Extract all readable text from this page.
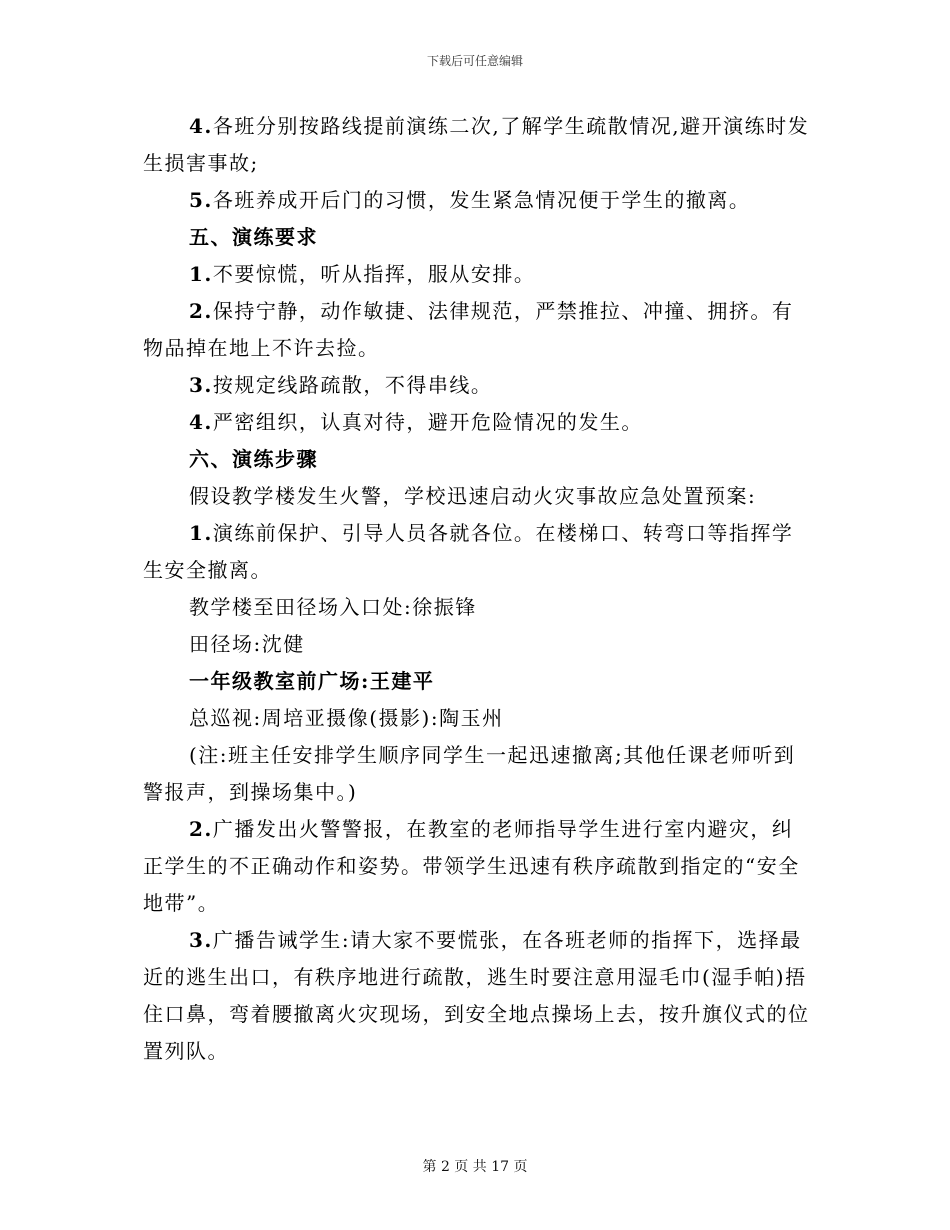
下载后可任意编辑

4.各班分别按路线提前演练二次,了解学生疏散情况,避开演练时发生损害事故;

5.各班养成开后门的习惯，发生紧急情况便于学生的撤离。

五、演练要求

1.不要惊慌，听从指挥，服从安排。

2.保持宁静，动作敏捷、法律规范，严禁推拉、冲撞、拥挤。有物品掉在地上不许去捡。

3.按规定线路疏散，不得串线。

4.严密组织，认真对待，避开危险情况的发生。

六、演练步骤

假设教学楼发生火警，学校迅速启动火灾事故应急处置预案:

1.演练前保护、引导人员各就各位。在楼梯口、转弯口等指挥学生安全撤离。

教学楼至田径场入口处:徐振锋

田径场:沈健

一年级教室前广场:王建平

总巡视:周培亚摄像(摄影):陶玉州

(注:班主任安排学生顺序同学生一起迅速撤离;其他任课老师听到警报声，到操场集中。)

2.广播发出火警警报，在教室的老师指导学生进行室内避灾，纠正学生的不正确动作和姿势。带领学生迅速有秩序疏散到指定的“安全地带”。

3.广播告诫学生:请大家不要慌张，在各班老师的指挥下，选择最近的逃生出口，有秩序地进行疏散，逃生时要注意用湿毛巾(湿手帕)捂住口鼻，弯着腰撤离火灾现场，到安全地点操场上去，按升旗仪式的位置列队。

第 2 页 共 17 页
